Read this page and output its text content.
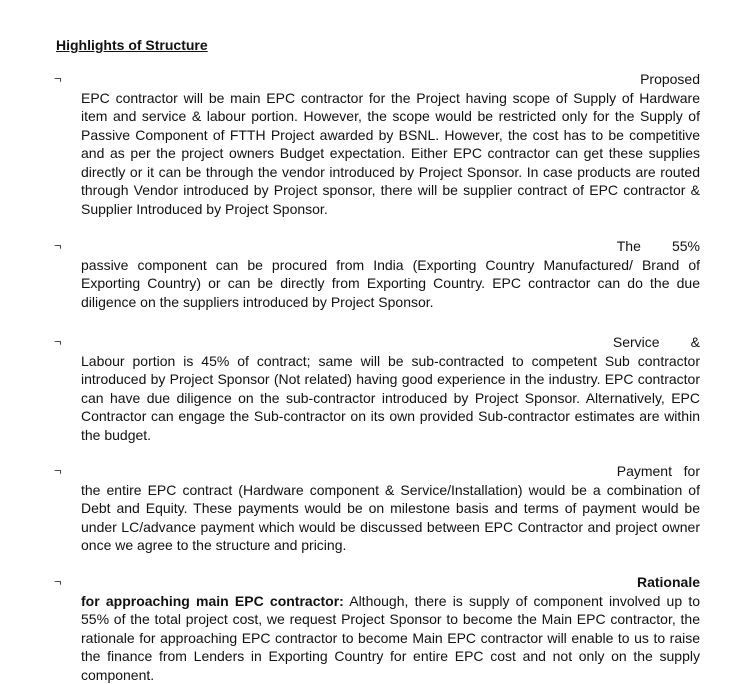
Highlights of Structure
¬	Proposed
EPC contractor will be main EPC contractor for the Project having scope of Supply of Hardware item and service & labour portion. However, the scope would be restricted only for the Supply of Passive Component of FTTH Project awarded by BSNL. However, the cost has to be competitive and as per the project owners Budget expectation. Either EPC contractor can get these supplies directly or it can be through the vendor introduced by Project Sponsor. In case products are routed through Vendor introduced by Project sponsor, there will be supplier contract of EPC contractor & Supplier Introduced by Project Sponsor.
¬	The        55%
passive component can be procured from India (Exporting Country Manufactured/ Brand of Exporting Country) or can be directly from Exporting Country. EPC contractor can do the due diligence on the suppliers introduced by Project Sponsor.
¬	Service        &
Labour portion is 45% of contract; same will be sub-contracted to competent Sub contractor introduced by Project Sponsor (Not related) having good experience in the industry. EPC contractor can have due diligence on the sub-contractor introduced by Project Sponsor. Alternatively, EPC Contractor can engage the Sub-contractor on its own provided Sub-contractor estimates are within the budget.
¬	Payment   for
the entire EPC contract (Hardware component & Service/Installation) would be a combination of Debt and Equity. These payments would be on milestone basis and terms of payment would be under LC/advance payment which would be discussed between EPC Contractor and project owner once we agree to the structure and pricing.
¬	Rationale
for approaching main EPC contractor: Although, there is supply of component involved up to 55% of the total project cost, we request Project Sponsor to become the Main EPC contractor, the rationale for approaching EPC contractor to become Main EPC contractor will enable to us to raise the finance from Lenders in Exporting Country for entire EPC cost and not only on the supply component.
